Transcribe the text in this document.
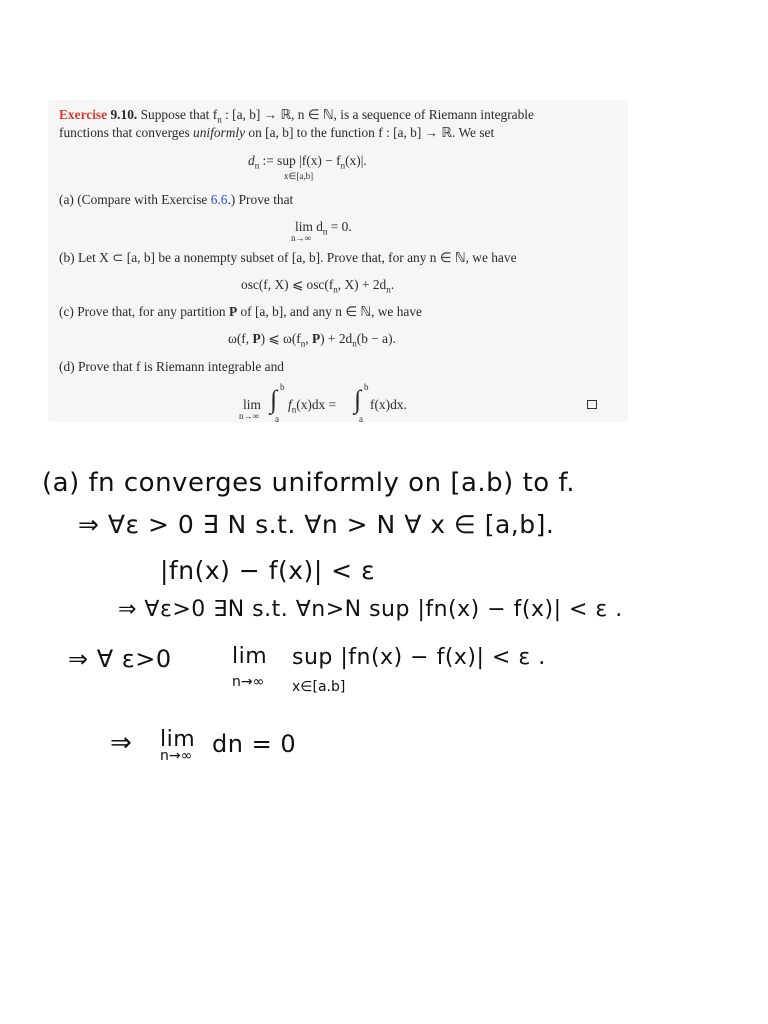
Exercise 9.10. Suppose that $f_n$ : [a, b] → ℝ, n ∈ ℕ, is a sequence of Riemann integrable
functions that converges uniformly on [a, b] to the function f : [a, b] → ℝ. We set
$d_n$ := sup $|f(x) - f_n(x)|$.
x∈[a,b]
(a) (Compare with Exercise 6.6.) Prove that
$\lim d_n = 0$.
n→∞
(b) Let X ⊂ [a, b] be a nonempty subset of [a, b]. Prove that, for any n ∈ ℕ, we have
osc(f, X) ⩽ $osc(f_n$, $X) + 2d_n$.
(c) Prove that, for any partition P of [a, b], and any n ∈ ℕ, we have
ω(f, P) ⩽ $\omega(f_n$, $P) + 2d_n(b - a)$.
(d) Prove that f is Riemann integrable and
lim
n→∞
∫ b
a
$f_n(x)dx$ = ∫ b
a
f(x)dx.
(a) fn converges uniformly on [a.b) to f.
⇒ ∀ε > 0 ∃ N s.t. ∀n > N ∀ x ∈ [a,b].
|fn(x) − f(x)| < ε
⇒ ∀ε>0 ∃N s.t. ∀n>N sup |fn(x) − f(x)| < ε .
⇒ ∀ ε>0	lim
n→∞
sup |fn(x) − f(x)| < ε .
x∈[a.b]
⇒ lim
n→∞ dn = 0
